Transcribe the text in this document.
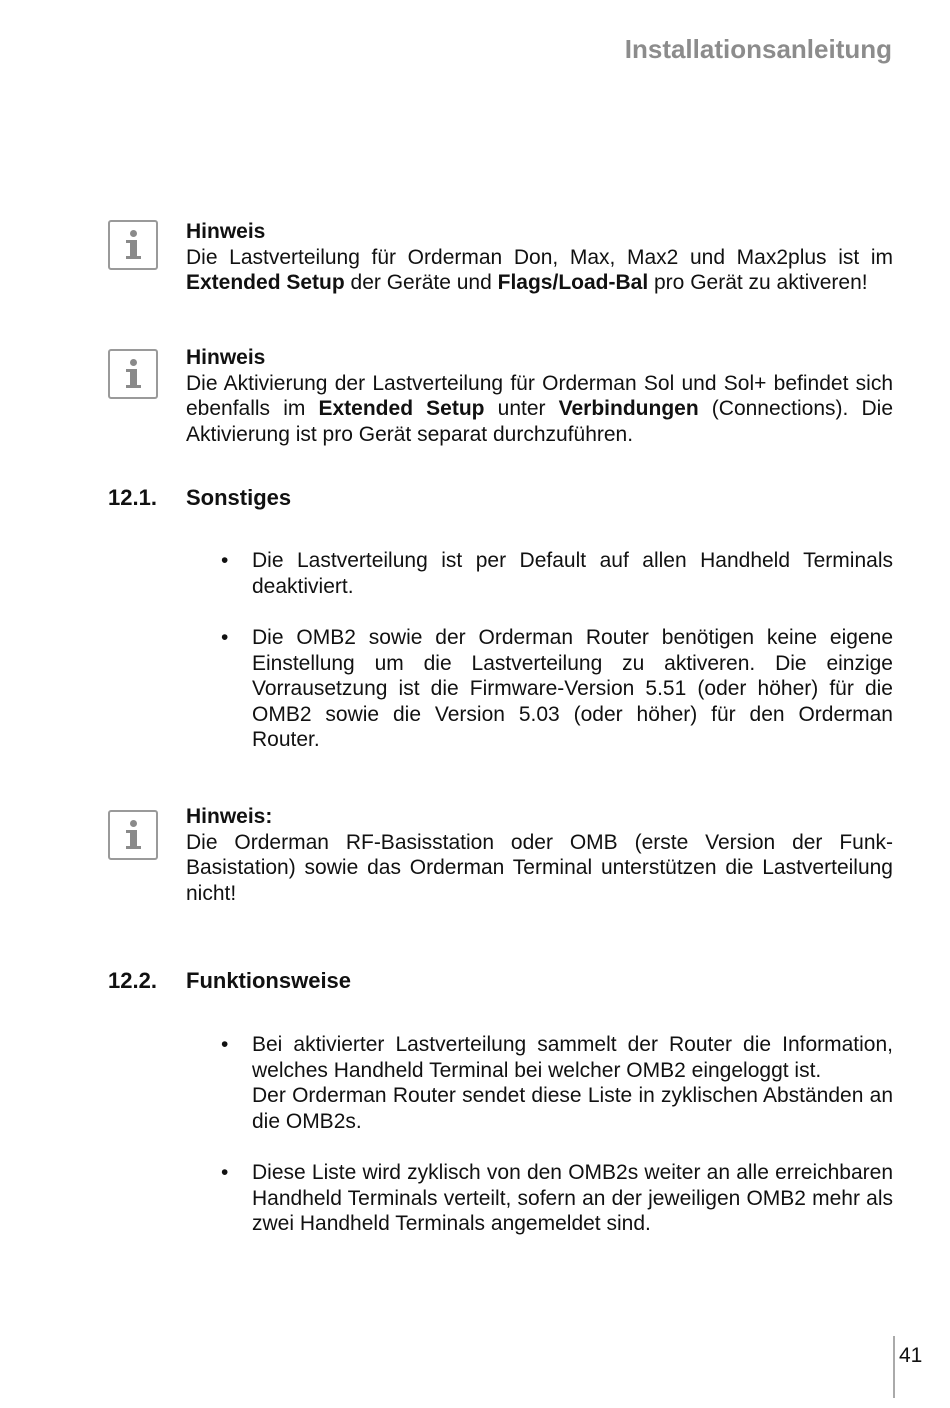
Installationsanleitung
Hinweis
Die Lastverteilung für Orderman Don, Max, Max2 und Max2plus ist im Extended Setup der Geräte und Flags/Load-Bal pro Gerät zu aktiveren!
Hinweis
Die Aktivierung der Lastverteilung für Orderman Sol und Sol+ befindet sich ebenfalls im Extended Setup unter Verbindungen (Connections). Die Aktivierung ist pro Gerät separat durchzuführen.
12.1. Sonstiges
• Die Lastverteilung ist per Default auf allen Handheld Terminals deaktiviert.
• Die OMB2 sowie der Orderman Router benötigen keine eigene Einstellung um die Lastverteilung zu aktiveren. Die einzige Vorrausetzung ist die Firmware-Version 5.51 (oder höher) für die OMB2 sowie die Version 5.03 (oder höher) für den Orderman Router.
Hinweis:
Die Orderman RF-Basisstation oder OMB (erste Version der Funk-Basistation) sowie das Orderman Terminal unterstützen die Lastverteilung nicht!
12.2. Funktionsweise
• Bei aktivierter Lastverteilung sammelt der Router die Information, welches Handheld Terminal bei welcher OMB2 eingeloggt ist.
Der Orderman Router sendet diese Liste in zyklischen Abständen an die OMB2s.
• Diese Liste wird zyklisch von den OMB2s weiter an alle erreichbaren Handheld Terminals verteilt, sofern an der jeweiligen OMB2 mehr als zwei Handheld Terminals angemeldet sind.
41
